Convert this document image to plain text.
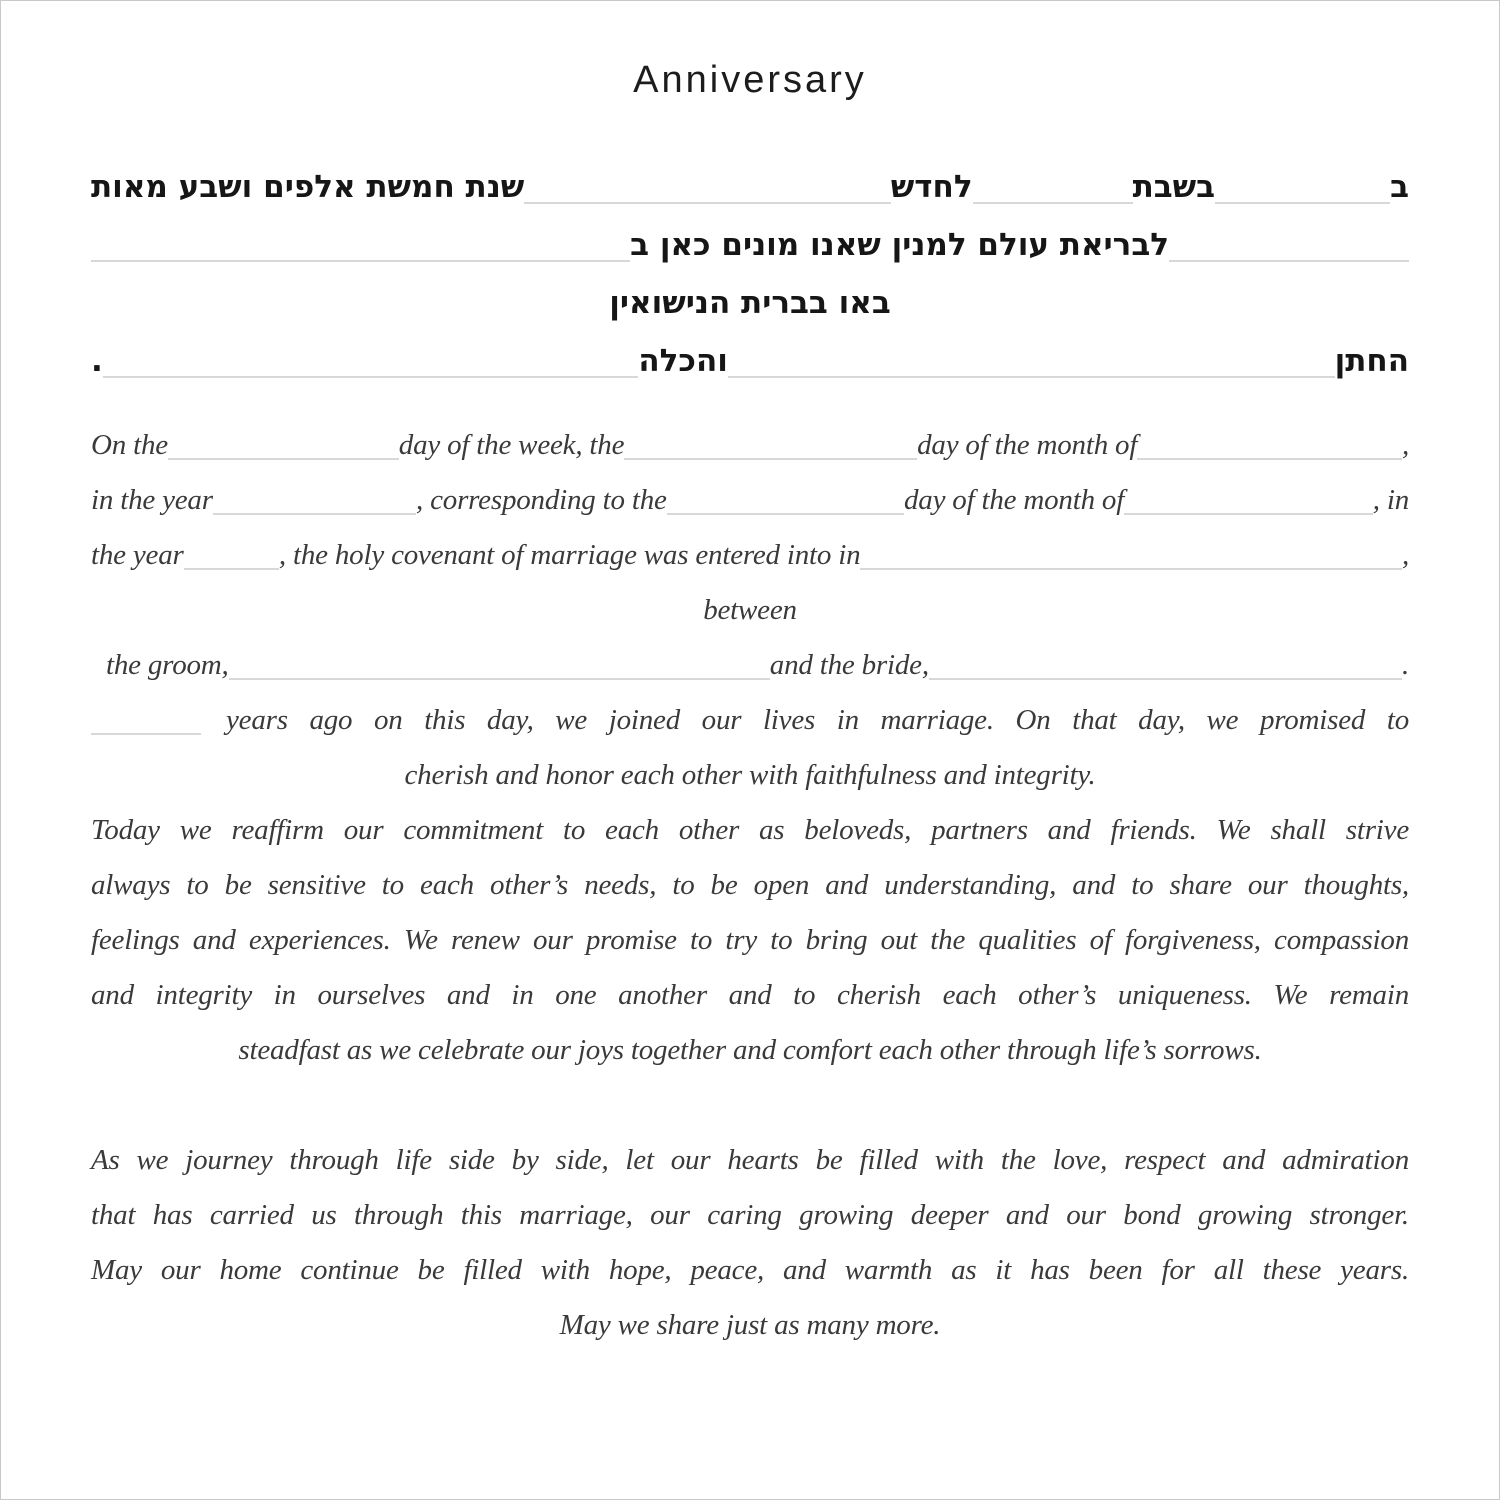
Anniversary
ב
בשבת
לחדש
שנת חמשת אלפים ושבע מאות
לבריאת עולם למנין שאנו מונים כאן ב
באו בברית הנישואין
החתן
והכלה
.
On the	day of the week, the	day of the month of	,
in the year	, corresponding to the	day of the month of	, in
the year	, the holy covenant of marriage was entered into in	,
between
the groom,	and the bride,	.
years ago on this day, we joined our lives in marriage. On that day, we promised to
cherish and honor each other with faithfulness and integrity.
Today we reaffirm our commitment to each other as beloveds, partners and friends. We shall strive
always to be sensitive to each other’s needs, to be open and understanding, and to share our thoughts,
feelings and experiences. We renew our promise to try to bring out the qualities of forgiveness, compassion
and integrity in ourselves and in one another and to cherish each other’s uniqueness. We remain
steadfast as we celebrate our joys together and comfort each other through life’s sorrows.
As we journey through life side by side, let our hearts be filled with the love, respect and admiration
that has carried us through this marriage, our caring growing deeper and our bond growing stronger.
May our home continue be filled with hope, peace, and warmth as it has been for all these years.
May we share just as many more.
